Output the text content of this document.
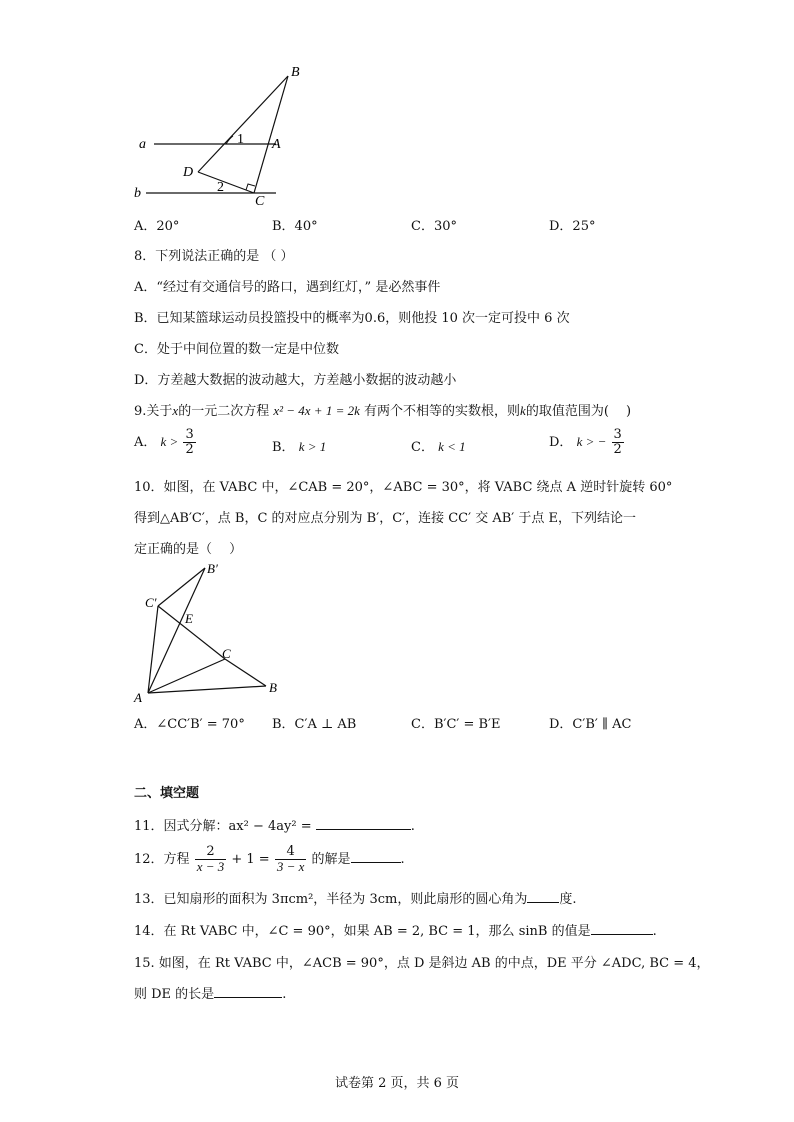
B
a	1 A
D
2
b
C
A．20°	B．40°	C．30°	D．25°
8．下列说法正确的是 （ ）
A．“经过有交通信号的路口，遇到红灯，” 是必然事件
B．已知某篮球运动员投篮投中的概率为0.6，则他投 10 次一定可投中 6 次
C．处于中间位置的数一定是中位数
D．方差越大数据的波动越大，方差越小数据的波动越小
9.关于x的一元二次方程 x² − 4x + 1 = 2k 有两个不相等的实数根，则k的取值范围为(　 )
A． $k > \frac{3}{2}$	B． k > 1	C． k < 1	D． k > − $\frac{3}{2}$
10．如图，在 VABC 中，∠CAB = 20°，∠ABC = 30°，将 VABC 绕点 A 逆时针旋转 60°
得到△AB′C′，点 B，C 的对应点分别为 B′，C′，连接 CC′ 交 AB′ 于点 E，下列结论一
定正确的是（　 ）
B′
C′
E
C
A
B
A．∠CC′B′ = 70° B．C′A ⊥ AB	C．B′C′ = B′E	D．C′B′ ∥ AC
二、填空题
11．因式分解：ax² − 4ay² =	.
12．方程 $\frac{2}{x - 3} + 1 = \frac{4}{3 - x}$ 的解是	.
13．已知扇形的面积为 3πcm²，半径为 3cm，则此扇形的圆心角为 度.
14．在 Rt VABC 中，∠C = 90°，如果 AB = 2, BC = 1，那么 sinB 的值是	.
15. 如图，在 Rt VABC 中，∠ACB = 90°，点 D 是斜边 AB 的中点，DE 平分 ∠ADC, BC = 4，
则 DE 的长是	.
试卷第 2 页，共 6 页
